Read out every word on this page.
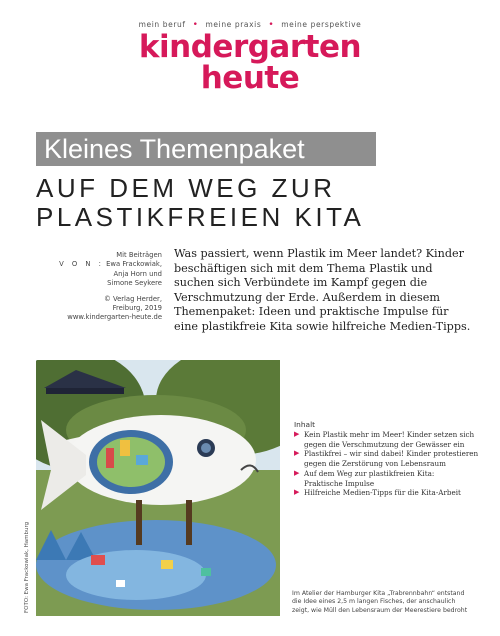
mein beruf • meine praxis • meine perspektive
kindergarten
heute
Kleines Themenpaket
AUF DEM WEG ZUR
PLASTIKFREIEN KITA
Mit Beiträgen
V O N : Ewa Frackowiak,
Anja Horn und
Simone Seykere
© Verlag Herder,
Freiburg, 2019
www.kindergarten-heute.de
Was passiert, wenn Plastik im Meer landet? Kinder beschäftigen sich mit dem Thema Plastik und suchen sich Verbündete im Kampf gegen die Verschmutzung der Erde. Außerdem in diesem Themenpaket: Ideen und praktische Impulse für eine plastikfreie Kita sowie hilfreiche Medien-Tipps.
FOTO: Ewa Frackowiak, Hamburg
Inhalt
▶ Kein Plastik mehr im Meer! Kinder setzen sich
gegen die Verschmutzung der Gewässer ein
▶ Plastikfrei – wir sind dabei! Kinder protestieren
gegen die Zerstörung von Lebensraum
▶ Auf dem Weg zur plastikfreien Kita:
Praktische Impulse
▶ Hilfreiche Medien-Tipps für die Kita-Arbeit
Im Atelier der Hamburger Kita „Trabrennbahn“ entstand
die Idee eines 2,5 m langen Fisches, der anschaulich
zeigt, wie Müll den Lebensraum der Meerestiere bedroht
